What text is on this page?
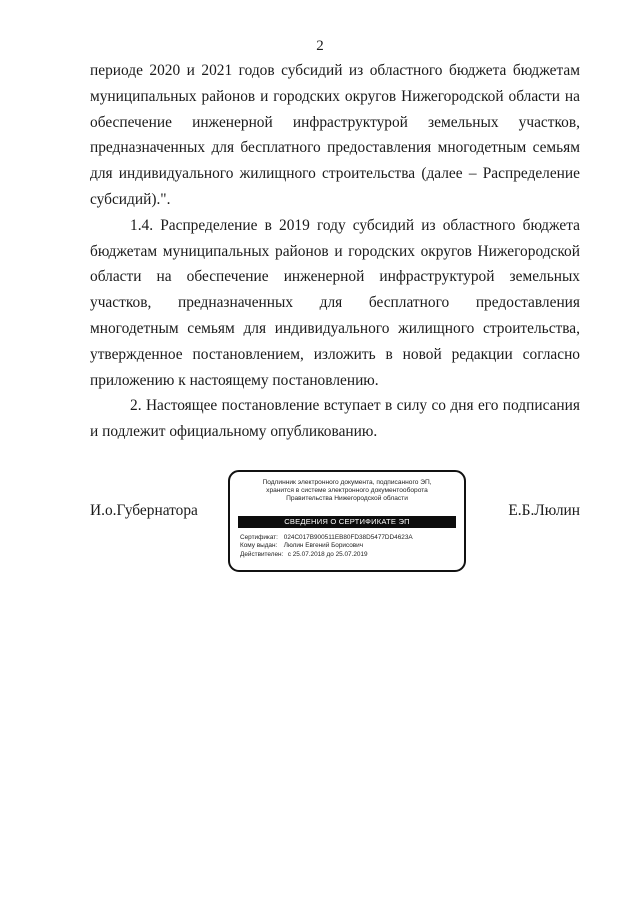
2

периоде 2020 и 2021 годов субсидий из областного бюджета бюджетам муниципальных районов и городских округов Нижегородской области на обеспечение инженерной инфраструктурой земельных участков, предназначенных для бесплатного предоставления многодетным семьям для индивидуального жилищного строительства (далее – Распределение субсидий).".

1.4. Распределение в 2019 году субсидий из областного бюджета бюджетам муниципальных районов и городских округов Нижегородской области на обеспечение инженерной инфраструктурой земельных участков, предназначенных для бесплатного предоставления многодетным семьям для индивидуального жилищного строительства, утвержденное постановлением, изложить в новой редакции согласно приложению к настоящему постановлению.

2. Настоящее постановление вступает в силу со дня его подписания и подлежит официальному опубликованию.

И.о.Губернатора
Подлинник электронного документа, подписанного ЭП,
хранится в системе электронного документооборота
Правительства Нижегородской области
СВЕДЕНИЯ О СЕРТИФИКАТЕ ЭП
Сертификат: 024C017B900511EB80FD38D5477DD4623A
Кому выдан: Люлин Евгений Борисович
Действителен: с 25.07.2018 до 25.07.2019
Е.Б.Люлин
